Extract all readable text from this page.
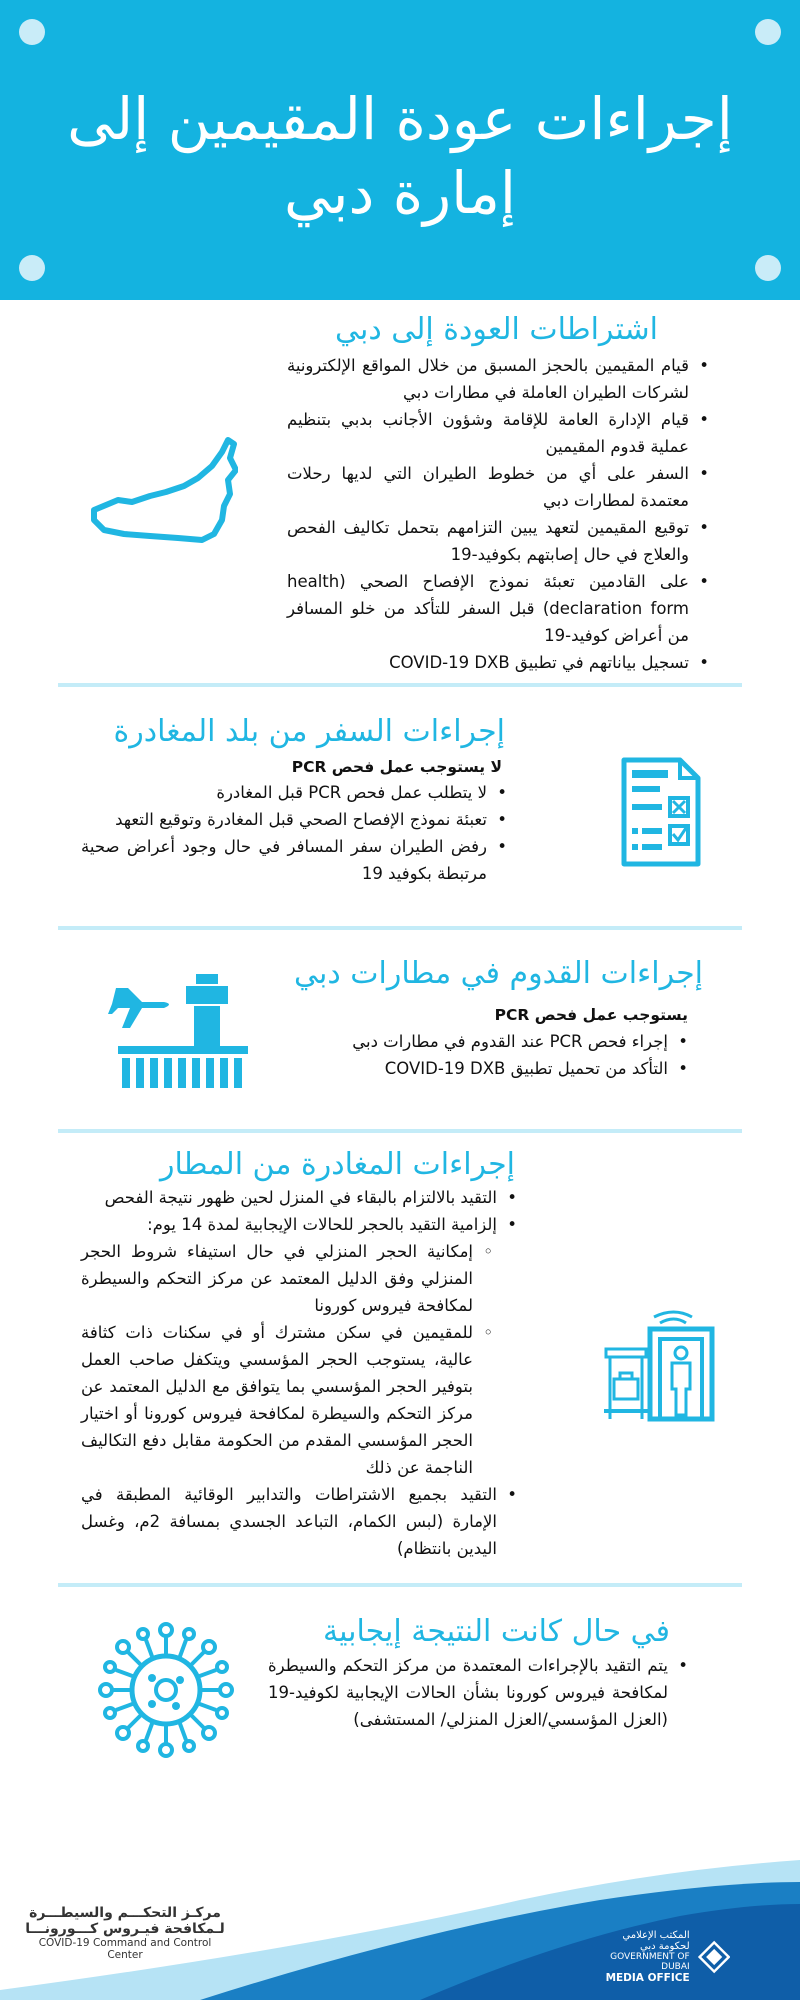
إجراءات عودة المقيمين إلى
إمارة دبي
اشتراطات العودة إلى دبي
• قيام المقيمين بالحجز المسبق من خلال المواقع الإلكترونية لشركات الطيران العاملة في مطارات دبي
• قيام الإدارة العامة للإقامة وشؤون الأجانب بدبي بتنظيم عملية قدوم المقيمين
• السفر على أي من خطوط الطيران التي لديها رحلات معتمدة لمطارات دبي
• توقيع المقيمين لتعهد يبين التزامهم بتحمل تكاليف الفحص والعلاج في حال إصابتهم بكوفيد-19
• على القادمين تعبئة نموذج الإفصاح الصحي (health declaration form) قبل السفر للتأكد من خلو المسافر من أعراض كوفيد-19
• تسجيل بياناتهم في تطبيق COVID-19 DXB
إجراءات السفر من بلد المغادرة
لا يستوجب عمل فحص PCR
• لا يتطلب عمل فحص PCR قبل المغادرة
• تعبئة نموذج الإفصاح الصحي قبل المغادرة وتوقيع التعهد
• رفض الطيران سفر المسافر في حال وجود أعراض صحية مرتبطة بكوفيد 19
إجراءات القدوم في مطارات دبي
يستوجب عمل فحص PCR
• إجراء فحص PCR عند القدوم في مطارات دبي
• التأكد من تحميل تطبيق COVID-19 DXB
إجراءات المغادرة من المطار
• التقيد بالالتزام بالبقاء في المنزل لحين ظهور نتيجة الفحص
• إلزامية التقيد بالحجر للحالات الإيجابية لمدة 14 يوم:
◦ إمكانية الحجر المنزلي في حال استيفاء شروط الحجر المنزلي وفق الدليل المعتمد عن مركز التحكم والسيطرة لمكافحة فيروس كورونا
◦ للمقيمين في سكن مشترك أو في سكنات ذات كثافة عالية، يستوجب الحجر المؤسسي ويتكفل صاحب العمل بتوفير الحجر المؤسسي بما يتوافق مع الدليل المعتمد عن مركز التحكم والسيطرة لمكافحة فيروس كورونا أو اختيار الحجر المؤسسي المقدم من الحكومة مقابل دفع التكاليف الناجمة عن ذلك
• التقيد بجميع الاشتراطات والتدابير الوقائية المطبقة في الإمارة (لبس الكمام، التباعد الجسدي بمسافة 2م، وغسل اليدين بانتظام)
في حال كانت النتيجة إيجابية
• يتم التقيد بالإجراءات المعتمدة من مركز التحكم والسيطرة لمكافحة فيروس كورونا بشأن الحالات الإيجابية لكوفيد-19 (العزل المؤسسي/العزل المنزلي/ المستشفى)
مركـز التحكـــم والسيطـــرة
لـمكافحة فيـروس كـــورونـــا
COVID-19 Command and Control Center
المكتب الإعلامي
لحكومة دبي
GOVERNMENT OF DUBAI
MEDIA OFFICE
